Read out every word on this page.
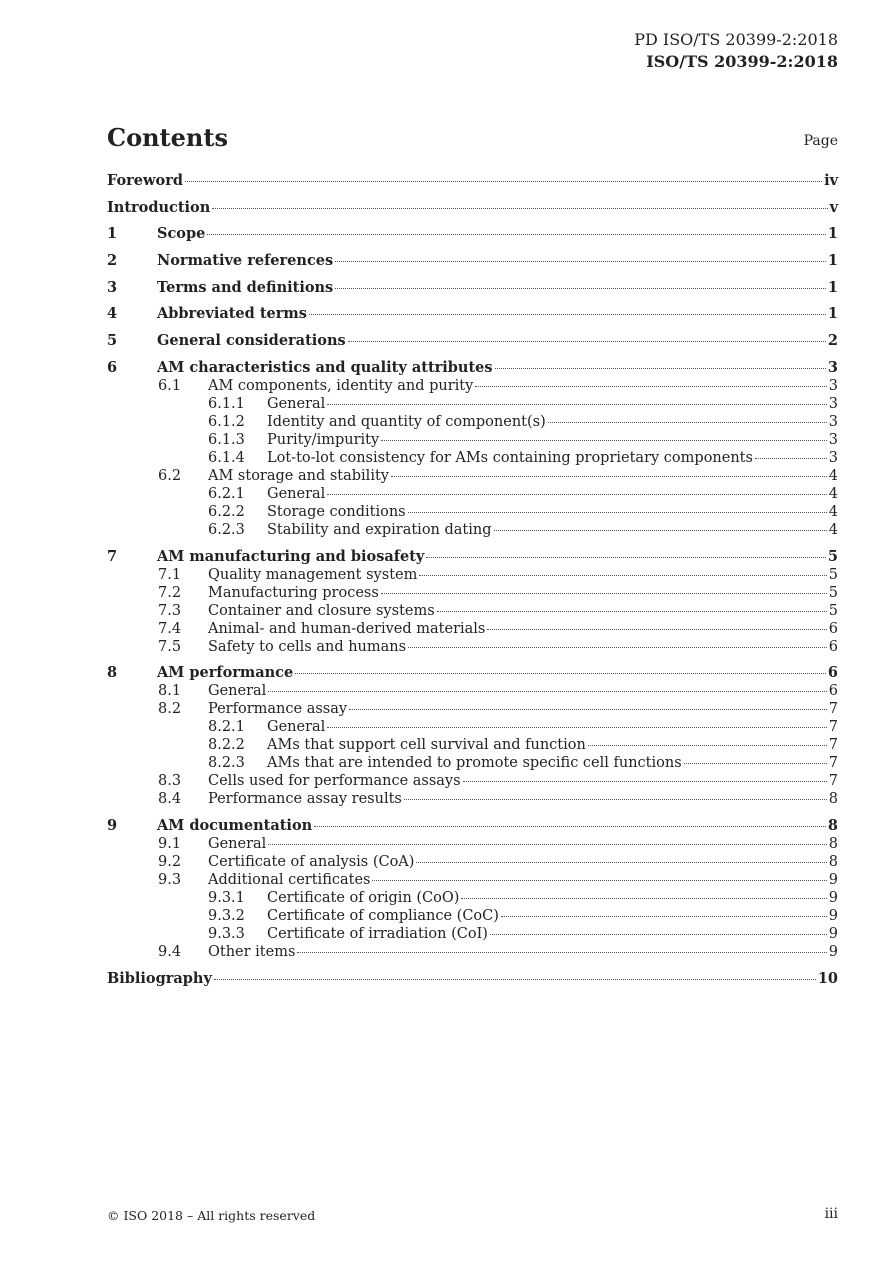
PD ISO/TS 20399-2:2018
ISO/TS 20399-2:2018
Contents	Page
Foreword	iv
Introduction	v
1	Scope	1
2	Normative references	1
3	Terms and definitions	1
4	Abbreviated terms	1
5	General considerations	2
6	AM characteristics and quality attributes	3
6.1	AM components, identity and purity	3
6.1.1	General	3
6.1.2	Identity and quantity of component(s)	3
6.1.3	Purity/impurity	3
6.1.4	Lot-to-lot consistency for AMs containing proprietary components	3
6.2	AM storage and stability	4
6.2.1	General	4
6.2.2	Storage conditions	4
6.2.3	Stability and expiration dating	4
7	AM manufacturing and biosafety	5
7.1	Quality management system	5
7.2	Manufacturing process	5
7.3	Container and closure systems	5
7.4	Animal- and human-derived materials	6
7.5	Safety to cells and humans	6
8	AM performance	6
8.1	General	6
8.2	Performance assay	7
8.2.1	General	7
8.2.2	AMs that support cell survival and function	7
8.2.3	AMs that are intended to promote specific cell functions	7
8.3	Cells used for performance assays	7
8.4	Performance assay results	8
9	AM documentation	8
9.1	General	8
9.2	Certificate of analysis (CoA)	8
9.3	Additional certificates	9
9.3.1	Certificate of origin (CoO)	9
9.3.2	Certificate of compliance (CoC)	9
9.3.3	Certificate of irradiation (CoI)	9
9.4	Other items	9
Bibliography	10
© ISO 2018 – All rights reserved	iii
